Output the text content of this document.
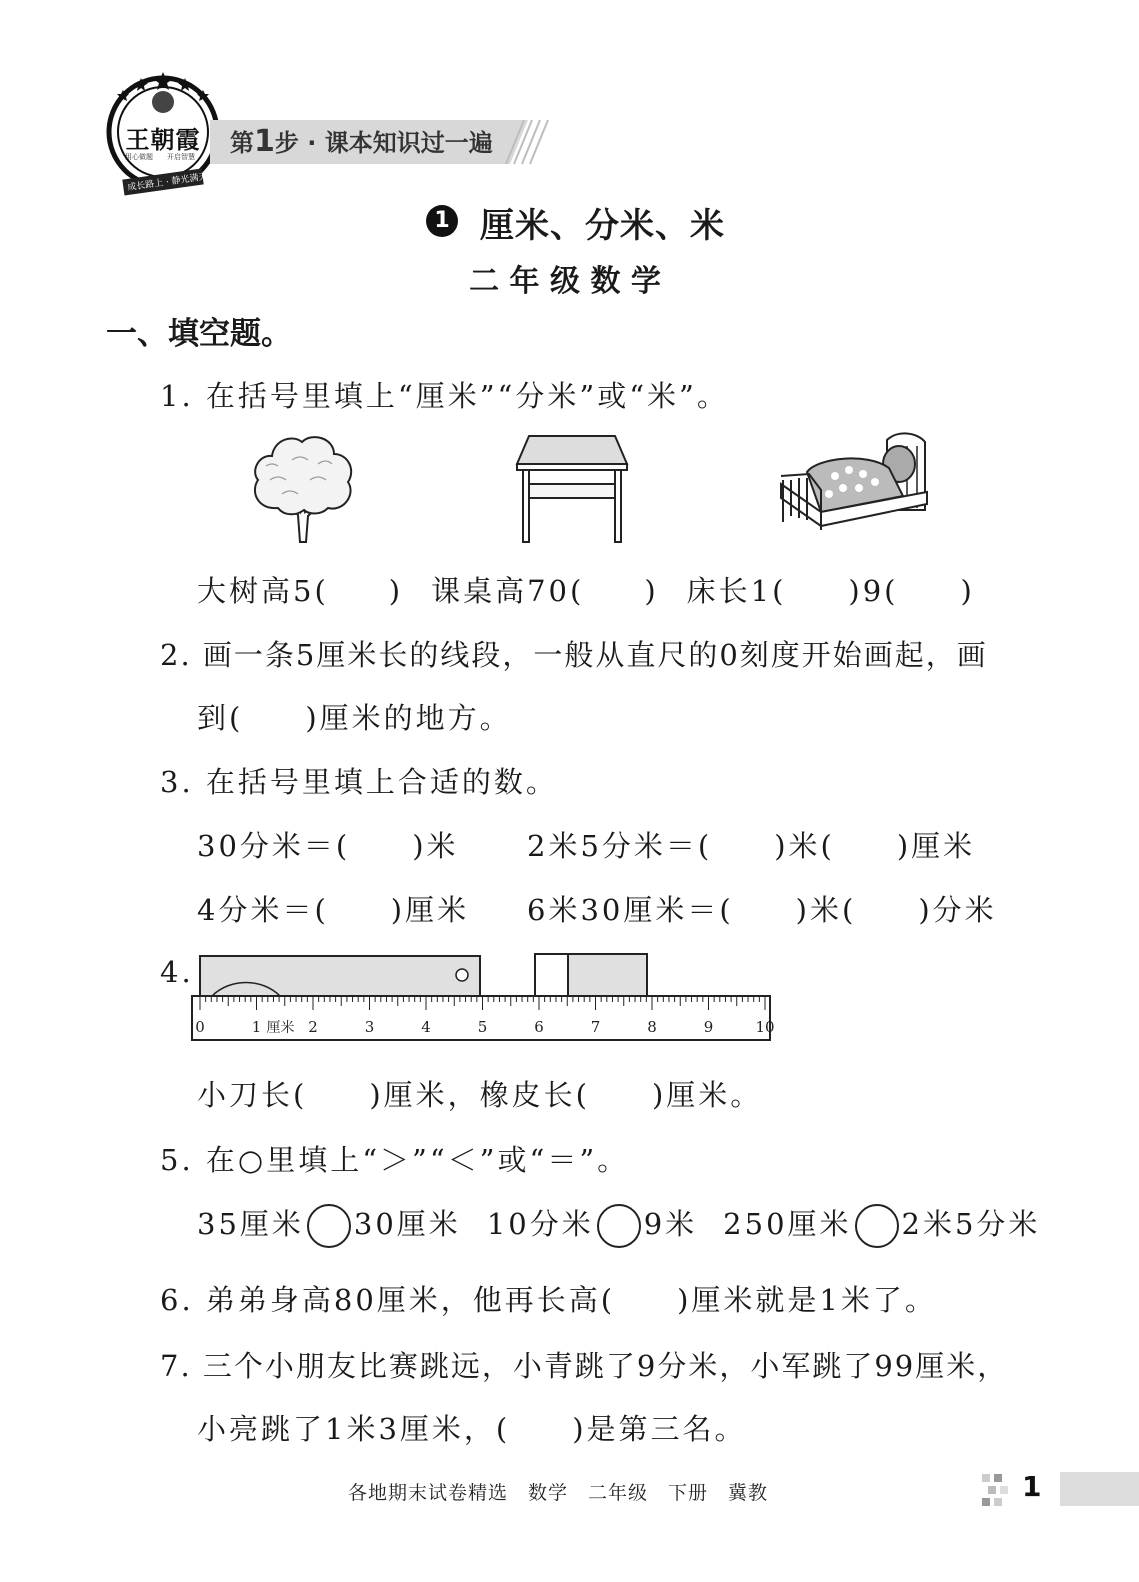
王朝霞
用心做题 开启智慧
成长路上 · 静光满天
第1步 · 课本知识过一遍
1 厘米、分米、米
二 年 级 数 学
一、填空题。
1. 在括号里填上“厘米”“分米”或“米”。
大树高5( ) 课桌高70( ) 床长1( )9( )
2. 画一条5厘米长的线段，一般从直尺的0刻度开始画起，画
到( )厘米的地方。
3. 在括号里填上合适的数。
30分米＝( )米 2米5分米＝( )米( )厘米
4分米＝( )厘米 6米30厘米＝( )米( )分米
4.
0	1 厘米 2	3	4	5	6	7	8	9	10
小刀长( )厘米，橡皮长( )厘米。
5. 在○里填上“＞”“＜”或“＝”。
35厘米 30厘米 10分米 9米 250厘米 2米5分米
6. 弟弟身高80厘米，他再长高( )厘米就是1米了。
7. 三个小朋友比赛跳远，小青跳了9分米，小军跳了99厘米，
小亮跳了1米3厘米，( )是第三名。
各地期末试卷精选　数学　二年级　下册　冀教	1
